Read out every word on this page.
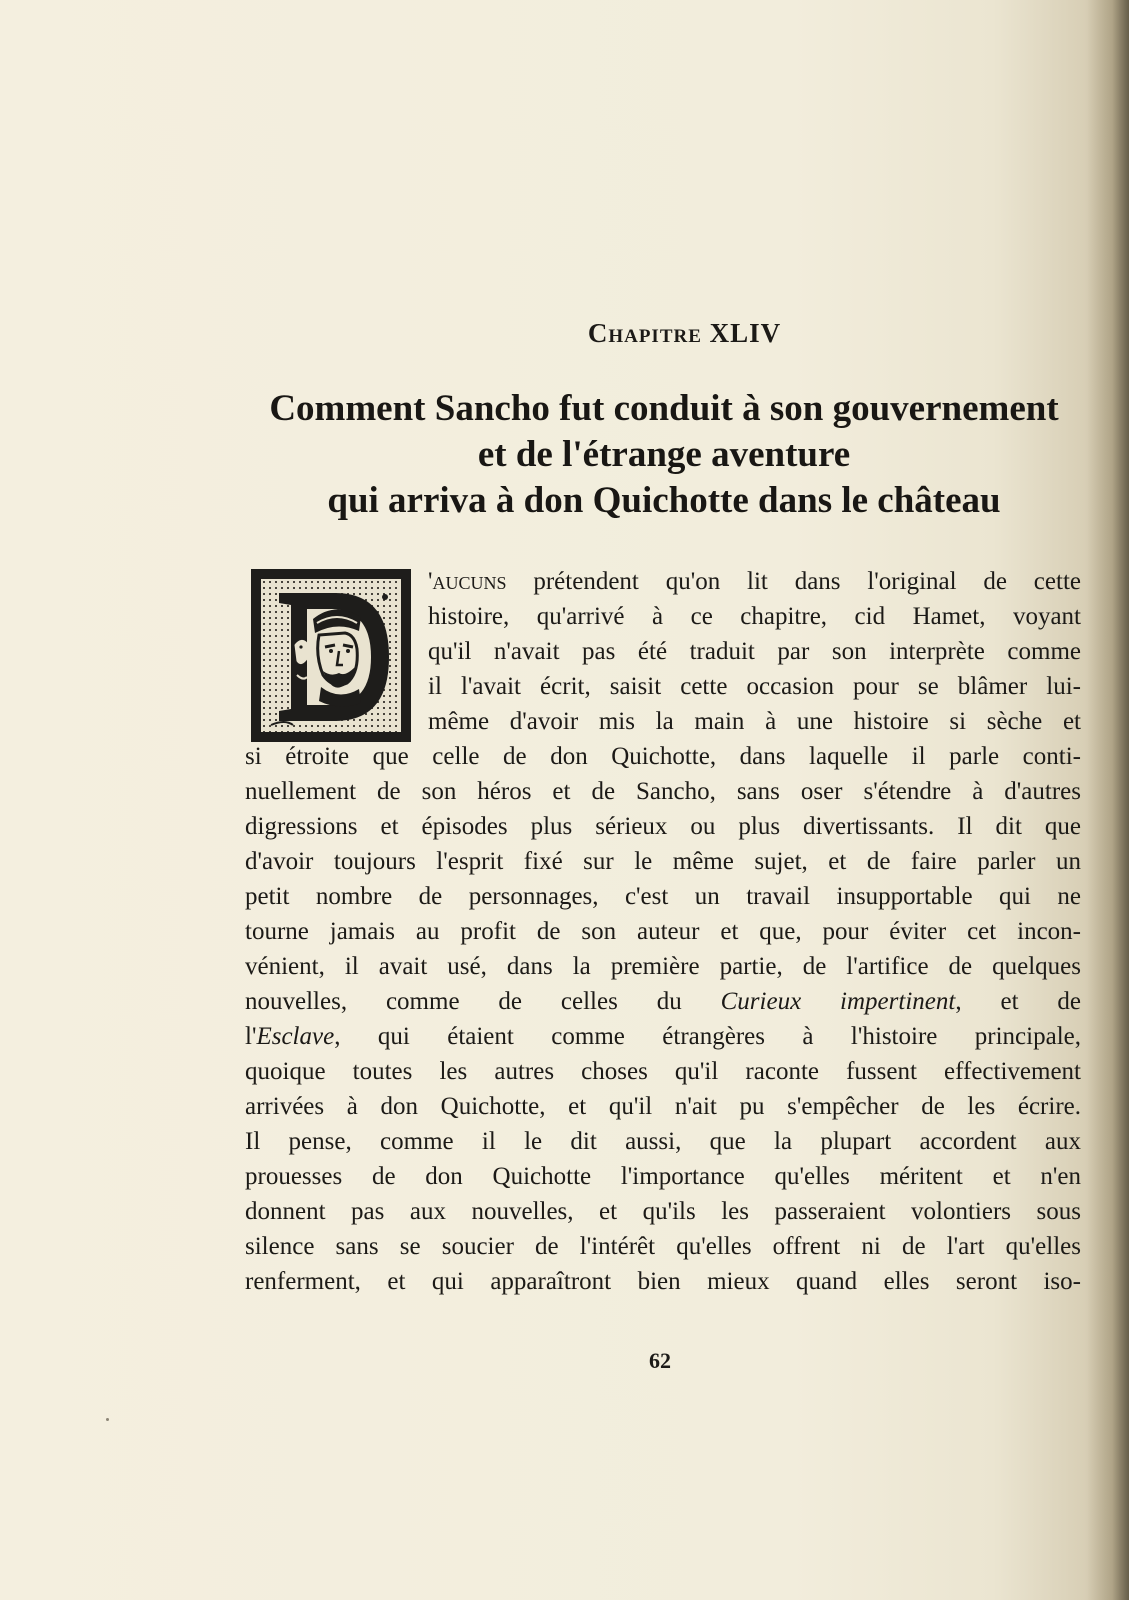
Chapitre XLIV
Comment Sancho fut conduit à son gouvernement
et de l'étrange aventure
qui arriva à don Quichotte dans le château
'aucuns prétendent qu'on lit dans l'original de cette
histoire, qu'arrivé à ce chapitre, cid Hamet, voyant
qu'il n'avait pas été traduit par son interprète comme
il l'avait écrit, saisit cette occasion pour se blâmer lui-
même d'avoir mis la main à une histoire si sèche et
si étroite que celle de don Quichotte, dans laquelle il parle conti-
nuellement de son héros et de Sancho, sans oser s'étendre à d'autres
digressions et épisodes plus sérieux ou plus divertissants. Il dit que
d'avoir toujours l'esprit fixé sur le même sujet, et de faire parler un
petit nombre de personnages, c'est un travail insupportable qui ne
tourne jamais au profit de son auteur et que, pour éviter cet incon-
vénient, il avait usé, dans la première partie, de l'artifice de quelques
nouvelles, comme de celles du Curieux impertinent, et de
l'Esclave, qui étaient comme étrangères à l'histoire principale,
quoique toutes les autres choses qu'il raconte fussent effectivement
arrivées à don Quichotte, et qu'il n'ait pu s'empêcher de les écrire.
Il pense, comme il le dit aussi, que la plupart accordent aux
prouesses de don Quichotte l'importance qu'elles méritent et n'en
donnent pas aux nouvelles, et qu'ils les passeraient volontiers sous
silence sans se soucier de l'intérêt qu'elles offrent ni de l'art qu'elles
renferment, et qui apparaîtront bien mieux quand elles seront iso-

62
